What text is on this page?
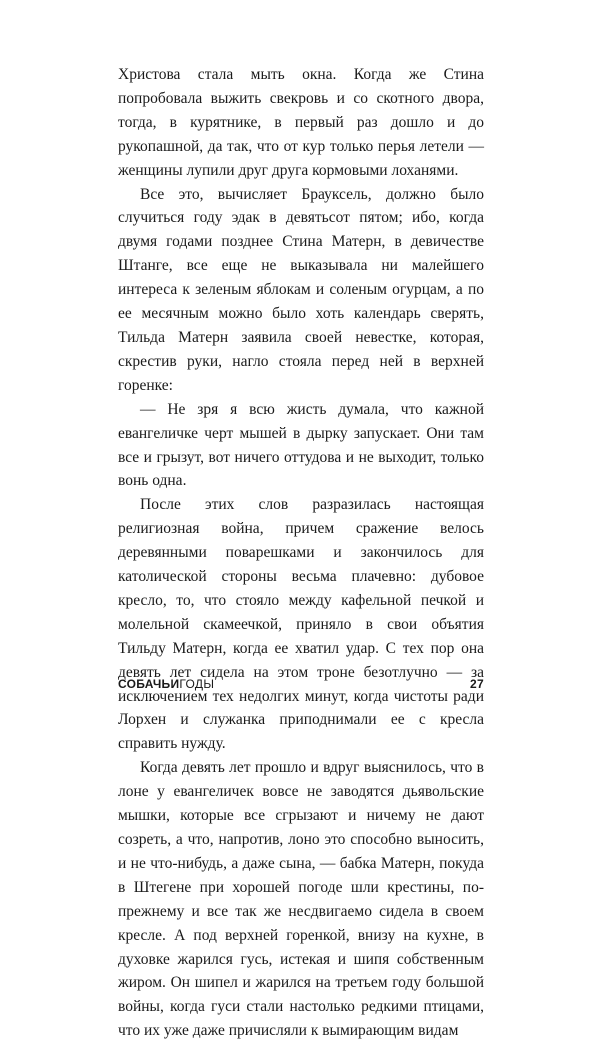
Христова стала мыть окна. Когда же Стина попробовала выжить свекровь и со скотного двора, тогда, в курятнике, в первый раз дошло и до рукопашной, да так, что от кур только перья летели — женщины лупили друг друга кормовыми лоханями.

Все это, вычисляет Брауксель, должно было случиться году эдак в девятьсот пятом; ибо, когда двумя годами позднее Стина Матерн, в девичестве Штанге, все еще не выказывала ни малейшего интереса к зеленым яблокам и соленым огурцам, а по ее месячным можно было хоть календарь сверять, Тильда Матерн заявила своей невестке, которая, скрестив руки, нагло стояла перед ней в верхней горенке:

— Не зря я всю жисть думала, что кажной евангеличке черт мышей в дырку запускает. Они там все и грызут, вот ничего оттудова и не выходит, только вонь одна.

После этих слов разразилась настоящая религиозная война, причем сражение велось деревянными поварешками и закончилось для католической стороны весьма плачевно: дубовое кресло, то, что стояло между кафельной печкой и молельной скамеечкой, приняло в свои объятия Тильду Матерн, когда ее хватил удар. С тех пор она девять лет сидела на этом троне безотлучно — за исключением тех недолгих минут, когда чистоты ради Лорхен и служанка приподнимали ее с кресла справить нужду.

Когда девять лет прошло и вдруг выяснилось, что в лоне у евангеличек вовсе не заводятся дьявольские мышки, которые все сгрызают и ничему не дают созреть, а что, напротив, лоно это способно выносить, и не что-нибудь, а даже сына, — бабка Матерн, покуда в Штегене при хорошей погоде шли крестины, по-прежнему и все так же несдвигаемо сидела в своем кресле. А под верхней горенкой, внизу на кухне, в духовке жарился гусь, истекая и шипя собственным жиром. Он шипел и жарился на третьем году большой войны, когда гуси стали настолько редкими птицами, что их уже даже причисляли к вымирающим видам

СОБАЧЬИГОДЫ	27
